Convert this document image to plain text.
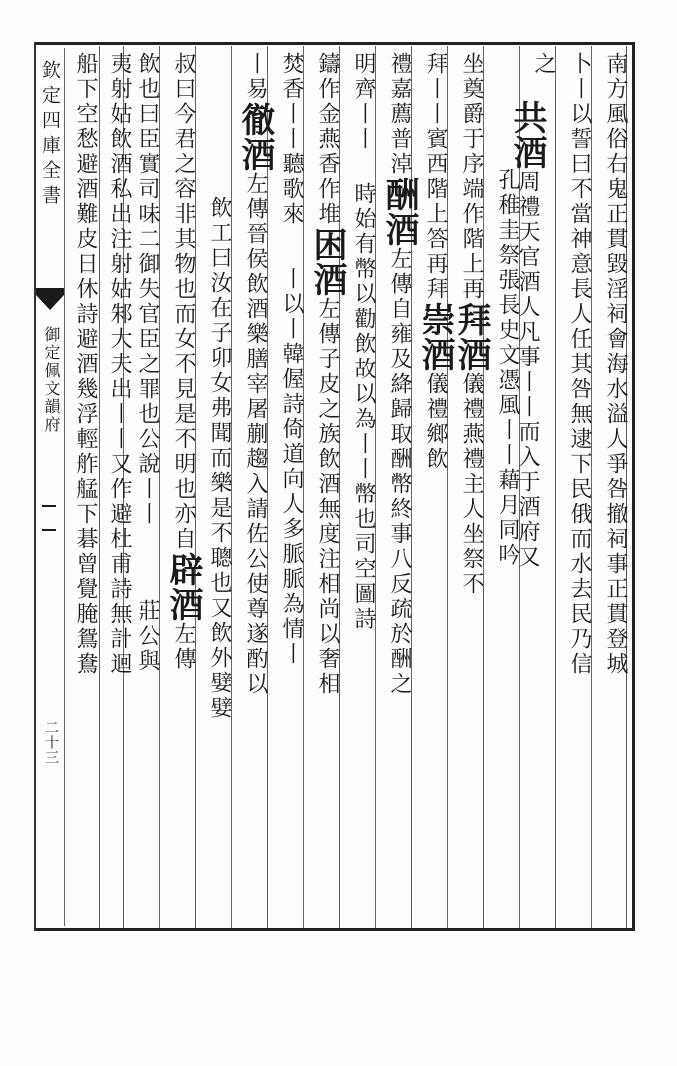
欽定四庫全書
御定佩文韻府
二十三
南方風俗右鬼正貫毀淫祠會海水溢人爭咎撤祠事正貫登城
卜丨以誓曰不當神意長人任其咎無逮下民俄而水去民乃信
之
共酒周禮天官酒人凡事丨丨而入于酒府又
孔稚圭祭張長史文憑風丨丨藉月同吟
坐奠爵于序端作階上再拜酒儀禮燕禮主人坐祭不
拜丨丨賓西階上答再拜崇酒儀禮鄉飲
禮嘉薦普淖酬酒左傳自雍及絳歸取酬幣終事八反疏於酬之
明齊丨丨時始有幣以勸飲故以為丨丨幣也司空圖詩
鑄作金燕香作堆困酒左傳子皮之族飲酒無度注相尚以奢相
焚香丨丨聽歌來丨以丨韓偓詩倚道向人多脈脈為情丨
丨易徹酒左傳晉侯飲酒樂膳宰屠蒯趨入請佐公使尊遂酌以
飲工曰汝在子卯女弗聞而樂是不聰也又飲外嬖嬖
叔曰今君之容非其物也而女不見是不明也亦自辟酒左傳
飲也曰臣實司味二御失官臣之罪也公說丨丨莊公與
夷射姑飲酒私出注射姑邾大夫出丨丨又作避杜甫詩無計迴
船下空愁避酒難皮日休詩避酒幾浮輕舴艋下碁曾覺腌鴛鴦
